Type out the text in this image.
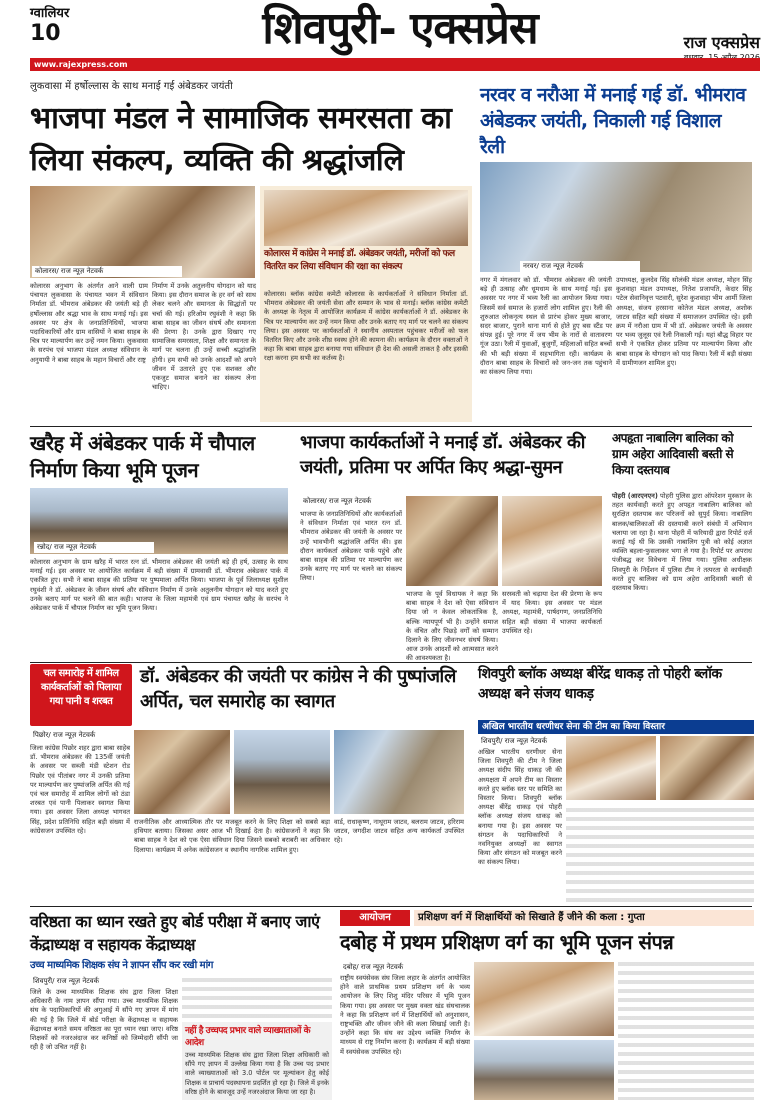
ग्वालियर
10	शिवपुरी- एक्सप्रेस	राज एक्सप्रेस
www.rajexpress.com
लुकवासा में हर्षोल्लास के साथ मनाई गई अंबेडकर जयंती
भाजपा मंडल ने सामाजिक समरसता का लिया संकल्प, व्यक्ति की श्रद्धांजलि
कोलारस/ राज न्यूज़ नेटवर्क
कोलारस अनुभाग के अंतर्गत आने वाली ग्राम पंचायत लुकवासा के पंचायत भवन में संविधान निर्माता डॉ. भीमराव अंबेडकर की जयंती बड़े ही हर्षोल्लास और श्रद्धा भाव के साथ मनाई गई। इस अवसर पर क्षेत्र के जनप्रतिनिधियों, भाजपा पदाधिकारियों और ग्राम वासियों ने बाबा साहब के चित्र पर माल्यार्पण कर उन्हें नमन किया। लुकवासा के सरपंच एवं भाजपा मंडल अध्यक्ष संविधान के अनुयायी ने बाबा साहब के महान विचारों और राष्ट्र
निर्माण में उनके अतुलनीय योगदान को याद किया। इस दौरान समाज के हर वर्ग को साथ लेकर चलने और समानता के सिद्धांतों पर चर्चा की गई। हरिओम रघुवंशी ने कहा कि बाबा साहब का जीवन संघर्ष और समानता की प्रेरणा है। उनके द्वारा दिखाए गए सामाजिक समरसता, शिक्षा और समानता के मार्ग पर चलना ही उन्हें सच्ची श्रद्धांजलि होगी। हम सभी को उनके आदर्शों को अपने जीवन में उतारते हुए एक सशक्त और एकजुट समाज बनाने का संकल्प लेना चाहिए।
कोलारस में कांग्रेस ने मनाई डॉ. अंबेडकर जयंती, मरीजों को फल वितरित कर लिया संविधान की रक्षा का संकल्प
कोलारस। ब्लॉक कांग्रेस कमेटी कोलारस के कार्यकर्ताओं ने संविधान निर्माता डॉ. भीमराव अंबेडकर की जयंती सेवा और सम्मान के भाव से मनाई। ब्लॉक कांग्रेस कमेटी के अध्यक्ष के नेतृत्व में आयोजित कार्यक्रम में कांग्रेस कार्यकर्ताओं ने डॉ. अंबेडकर के चित्र पर माल्यार्पण कर उन्हें नमन किया और उनके बताए गए मार्ग पर चलने का संकल्प लिया। इस अवसर पर कार्यकर्ताओं ने स्थानीय अस्पताल पहुंचकर मरीजों को फल वितरित किए और उनके शीघ्र स्वस्थ होने की कामना की। कार्यक्रम के दौरान वक्ताओं ने कहा कि बाबा साहब द्वारा बनाया गया संविधान ही देश की असली ताकत है और इसकी रक्षा करना हम सभी का कर्तव्य है।
नरवर व नरौआ में मनाई गई डॉ. भीमराव अंबेडकर जयंती, निकाली गई विशाल रैली
नरवर/ राज न्यूज़ नेटवर्क
नगर में मंगलवार को डॉ. भीमराव अंबेडकर की जयंती बड़े ही उत्साह और धूमधाम के साथ मनाई गई। इस अवसर पर नगर में भव्य रैली का आयोजन किया गया। जिसमें सर्व समाज के हजारों लोग शामिल हुए। रैली की शुरुआत लोकनृत्य स्थल से प्रारंभ होकर मुख्य बाजार, सदर बाजार, पुराने थाना मार्ग से होते हुए बस स्टैंड पर संपन्न हुई। पूरे नगर में जय भीम के नारों से वातावरण गूंज उठा। रैली में युवाओं, बुजुर्गों, महिलाओं सहित बच्चों की भी बड़ी संख्या में सहभागिता रही। कार्यक्रम के दौरान बाबा साहब के विचारों को जन-जन तक पहुंचाने का संकल्प लिया गया।
उपाध्यक्ष, कुलदेव सिंह सोलंकी मंडल अध्यक्ष, मोहन सिंह कुशवाहा मंडल उपाध्यक्ष, नितेश प्रजापति, केदार सिंह पटेल सेवानिवृत्त पटवारी, सुरेश कुशवाहा भीम आर्मी जिला अध्यक्ष, संजय हरसाना कोतेज मंडल अध्यक्ष, अशोक जाटव सहित बड़ी संख्या में समाजजन उपस्थित रहे। इसी क्रम में नरौआ ग्राम में भी डॉ. अंबेडकर जयंती के अवसर पर भव्य जुलूस एवं रैली निकाली गई। यहां बौद्ध विहार पर सभी ने एकत्रित होकर प्रतिमा पर माल्यार्पण किया और बाबा साहब के योगदान को याद किया। रैली में बड़ी संख्या में ग्रामीणजन शामिल हुए।
खरैह में अंबेडकर पार्क में चौपाल निर्माण किया भूमि पूजन
रन्नोद/ राज न्यूज़ नेटवर्क
कोलारस अनुभाग के ग्राम खरैह में भारत रत्न डॉ. भीमराव अंबेडकर की जयंती बड़े ही हर्ष, उत्साह के साथ मनाई गई। इस अवसर पर आयोजित कार्यक्रम में बड़ी संख्या में ग्रामवासी डॉ. भीमराव अंबेडकर पार्क में एकत्रित हुए। सभी ने बाबा साहब की प्रतिमा पर पुष्पमाला अर्पित किया। भाजपा के पूर्व जिलाध्यक्ष सुशील रघुवंशी ने डॉ. अंबेडकर के जीवन संघर्ष और संविधान निर्माण में उनके अतुलनीय योगदान को याद करते हुए उनके बताए मार्ग पर चलने की बात कही। भाजपा के जिला महामंत्री एवं ग्राम पंचायत खरैह के सरपंच ने अंबेडकर पार्क में चौपाल निर्माण का भूमि पूजन किया।
भाजपा कार्यकर्ताओं ने मनाई डॉ. अंबेडकर की जयंती, प्रतिमा पर अर्पित किए श्रद्धा-सुमन
कोलारस/ राज न्यूज़ नेटवर्क
भाजपा के जनप्रतिनिधियों और कार्यकर्ताओं ने संविधान निर्माता एवं भारत रत्न डॉ. भीमराव अंबेडकर की जयंती के अवसर पर उन्हें भावभीनी श्रद्धांजलि अर्पित की। इस दौरान कार्यकर्ता अंबेडकर पार्क पहुंचे और बाबा साहब की प्रतिमा पर माल्यार्पण कर उनके बताए गए मार्ग पर चलने का संकल्प लिया।
भाजपा के पूर्व विधायक ने कहा कि बाबा साहब ने देश को ऐसा संविधान दिया जो न केवल लोकतांत्रिक है, बल्कि न्यायपूर्ण भी है। उन्होंने समाज के वंचित और पिछड़े वर्गों को सम्मान दिलाने के लिए जीवनभर संघर्ष किया। आज उनके आदर्शों को आत्मसात करने की आवश्यकता है।
सरस्वती को चढ़ाया देश की प्रेरणा के रूप में याद किया। इस अवसर पर मंडल अध्यक्ष, महामंत्री, पार्षदगण, जनप्रतिनिधि सहित बड़ी संख्या में भाजपा कार्यकर्ता उपस्थित रहे।
अपहृता नाबालिग बालिका को ग्राम अहेरा आदिवासी बस्ती से किया दस्तयाब
पोहरी (आरएनएन) पोहरी पुलिस द्वारा ऑपरेशन मुस्कान के तहत कार्यवाही करते हुए अपहृत नाबालिग बालिका को सुरक्षित दस्तयाब कर परिजनों को सुपुर्द किया। नाबालिग बालक/बालिकाओं की दस्तयाबी करने संबंधी में अभियान चलाया जा रहा है। थाना पोहरी में फरियादी द्वारा रिपोर्ट दर्ज कराई गई थी कि उसकी नाबालिग पुत्री को कोई अज्ञात व्यक्ति बहला-फुसलाकर भगा ले गया है। रिपोर्ट पर अपराध पंजीबद्ध कर विवेचना में लिया गया। पुलिस अधीक्षक शिवपुरी के निर्देशन में पुलिस टीम ने तत्परता से कार्यवाही करते हुए बालिका को ग्राम अहेरा आदिवासी बस्ती से दस्तयाब किया।
चल समारोह में शामिल कार्यकर्ताओं को पिलाया गया पानी व शरबत
डॉ. अंबेडकर की जयंती पर कांग्रेस ने की पुष्पांजलि अर्पित, चल समारोह का स्वागत
पिछोर/ राज न्यूज़ नेटवर्क
जिला कांग्रेस पिछोर शहर द्वारा बाबा साहेब डॉ. भीमराव अंबेडकर की 135वीं जयंती के अवसर पर सब्जी मंडी स्टेशन रोड पिछोर एवं पीतांबर नगर में उनकी प्रतिमा पर माल्यार्पण कर पुष्पांजलि अर्पित की गई एवं चल समारोह में शामिल लोगों को ठंडा शरबत एवं पानी पिलाकर स्वागत किया गया। इस अवसर जिला अध्यक्ष भागवत सिंह, प्रदेश प्रतिनिधि सहित बड़ी संख्या में कांग्रेसजन उपस्थित रहे।
राजनीतिक और आध्यात्मिक तौर पर मजबूत करने के लिए शिक्षा को सबसे बड़ा हथियार बताया। जिसका असर आज भी दिखाई देता है। कांग्रेसजनों ने कहा कि बाबा साहब ने देश को एक ऐसा संविधान दिया जिसने सबको बराबरी का अधिकार दिलाया। कार्यक्रम में अनेक कांग्रेसजन व स्थानीय नागरिक शामिल हुए।
वार्ड, राधाकृष्ण, नाथूराम जाटव, बलराम जाटव, हरिराम जाटव, जगदीश जाटव सहित अन्य कार्यकर्ता उपस्थित रहे।
शिवपुरी ब्लॉक अध्यक्ष बीरेंद्र धाकड़ तो पोहरी ब्लॉक अध्यक्ष बने संजय धाकड़
अखिल भारतीय धरणीधर सेना की टीम का किया विस्तार
शिवपुरी/ राज न्यूज़ नेटवर्क
अखिल भारतीय धरणीधर सेना जिला शिवपुरी की टीम ने जिला अध्यक्ष संदीप सिंह धाकड़ जी की अध्यक्षता में अपने टीम का विस्तार करते हुए ब्लॉक स्तर पर समिति का विस्तार किया। शिवपुरी ब्लॉक अध्यक्ष बीरेंद्र धाकड़ एवं पोहरी ब्लॉक अध्यक्ष संजय धाकड़ को बनाया गया है। इस अवसर पर संगठन के पदाधिकारियों ने नवनियुक्त अध्यक्षों का स्वागत किया और संगठन को मजबूत करने का संकल्प लिया।
वरिष्ठता का ध्यान रखते हुए बोर्ड परीक्षा में बनाए जाएं केंद्राध्यक्ष व सहायक केंद्राध्यक्ष
उच्च माध्यमिक शिक्षक संघ ने ज्ञापन सौंप कर रखी मांग
शिवपुरी/ राज न्यूज़ नेटवर्क
जिले के उच्च माध्यमिक शिक्षक संघ द्वारा जिला शिक्षा अधिकारी के नाम ज्ञापन सौंपा गया। उच्च माध्यमिक शिक्षक संघ के पदाधिकारियों की अगुआई में सौंपे गए ज्ञापन में मांग की गई है कि जिले में बोर्ड परीक्षा के केंद्राध्यक्ष व सहायक केंद्राध्यक्ष बनाते समय वरिष्ठता का पूरा ध्यान रखा जाए। वरिष्ठ शिक्षकों को नजरअंदाज कर कनिष्ठों को जिम्मेदारी सौंपी जा रही है जो उचित नहीं है।
नहीं है उच्चपद प्रभार वाले व्याख्याताओं के आदेश
उच्च माध्यमिक शिक्षक संघ द्वारा जिला शिक्षा अधिकारी को सौंपे गए ज्ञापन में उल्लेख किया गया है कि उच्च पद प्रभार वाले व्याख्याताओं को 3.0 पोर्टल पर मूल्यांकन हेतु कोई शिक्षक व प्राचार्य पदस्थापना प्रदर्शित हो रहा है। जिले में इनके वरिष्ठ होने के बावजूद उन्हें नजरअंदाज किया जा रहा है।
आयोजन	प्रशिक्षण वर्ग में शिक्षार्थियों को सिखाते हैं जीने की कला : गुप्ता
दबोह में प्रथम प्रशिक्षण वर्ग का भूमि पूजन संपन्न
दबोह/ राज न्यूज़ नेटवर्क
राष्ट्रीय स्वयंसेवक संघ जिला लहार के अंतर्गत आयोजित होने वाले प्राथमिक प्रथम प्रशिक्षण वर्ग के भव्य आयोजन के लिए शिशु मंदिर परिसर में भूमि पूजन किया गया। इस अवसर पर मुख्य वक्ता खंड संघचालक ने कहा कि प्रशिक्षण वर्ग में शिक्षार्थियों को अनुशासन, राष्ट्रभक्ति और जीवन जीने की कला सिखाई जाती है। उन्होंने कहा कि संघ का उद्देश्य व्यक्ति निर्माण के माध्यम से राष्ट्र निर्माण करना है। कार्यक्रम में बड़ी संख्या में स्वयंसेवक उपस्थित रहे।
